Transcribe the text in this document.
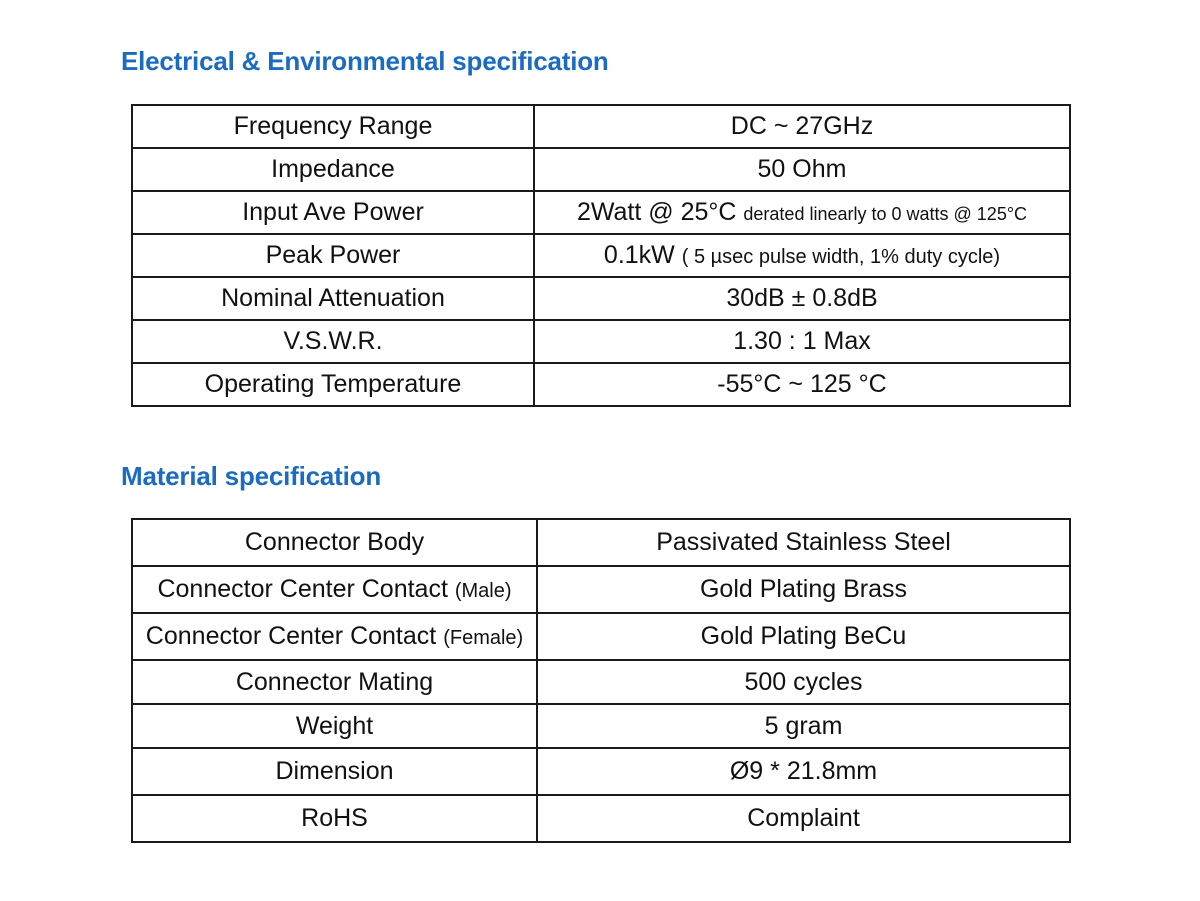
Electrical & Environmental specification
Frequency Range	DC ~ 27GHz
Impedance	50 Ohm
Input Ave Power	2Watt @ 25°C derated linearly to 0 watts @ 125°C
Peak Power	0.1kW ( 5 µsec pulse width, 1% duty cycle)
Nominal Attenuation	30dB ± 0.8dB
V.S.W.R.	1.30 : 1 Max
Operating Temperature	-55°C ~ 125 °C
Material specification
Connector Body	Passivated Stainless Steel
Connector Center Contact (Male)	Gold Plating Brass
Connector Center Contact (Female)	Gold Plating BeCu
Connector Mating	500 cycles
Weight	5 gram
Dimension	Ø9 * 21.8mm
RoHS	Complaint
